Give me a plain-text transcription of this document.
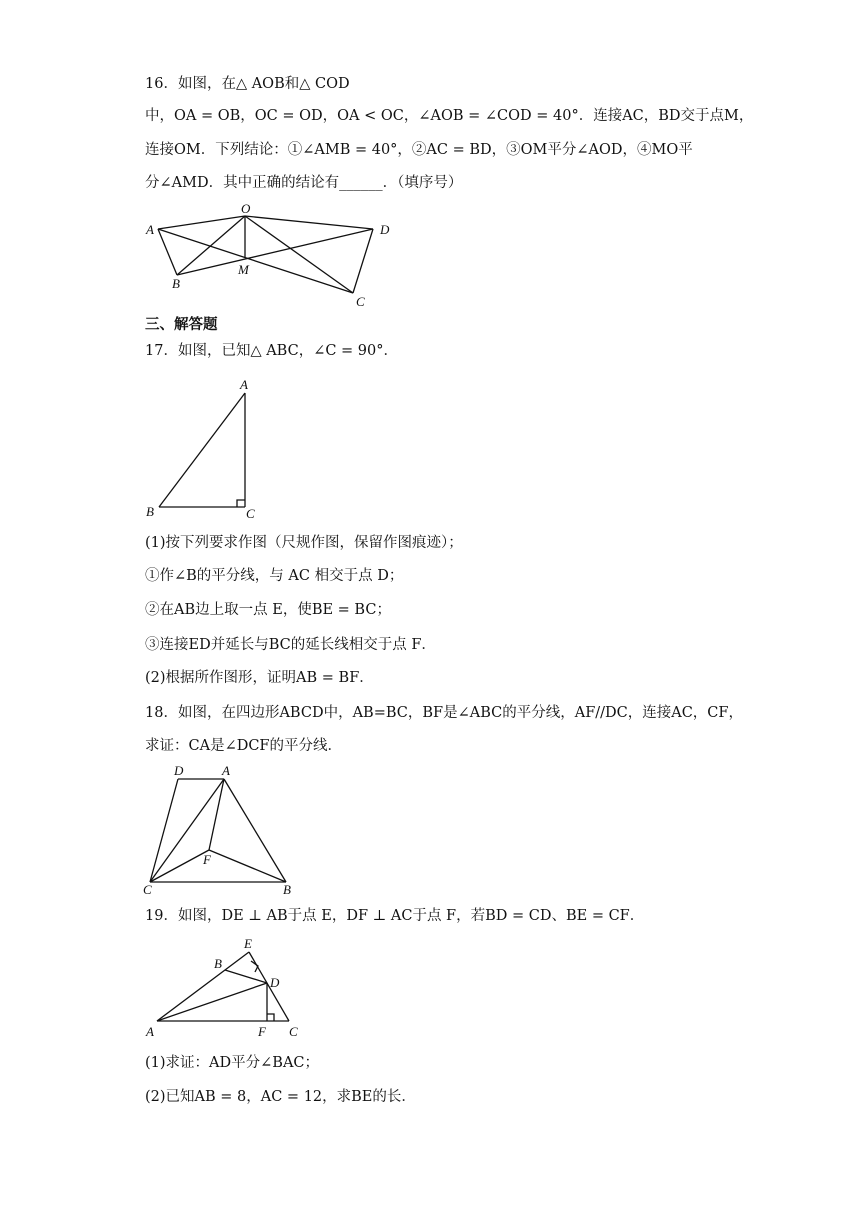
16．如图，在△ AOB和△ COD
中，OA = OB，OC = OD，OA < OC，∠AOB = ∠COD = 40°．连接AC，BD交于点M，
连接OM．下列结论：①∠AMB = 40°，②AC = BD，③OM平分∠AOD，④MO平
分∠AMD．其中正确的结论有______．（填序号）
A
O
D
B
M
C
三、解答题
17．如图，已知△ ABC，∠C = 90°．
A
B	C
(1)按下列要求作图（尺规作图，保留作图痕迹）；
①作∠B的平分线，与 AC 相交于点 D；
②在AB边上取一点 E，使BE = BC；
③连接ED并延长与BC的延长线相交于点 F．
(2)根据所作图形，证明AB = BF．
18．如图，在四边形ABCD中，AB=BC，BF是∠ABC的平分线，AF//DC，连接AC，CF，
求证：CA是∠DCF的平分线．
D	A
F
C	B
19．如图，DE ⊥ AB于点 E，DF ⊥ AC于点 F，若BD = CD、BE = CF．
E
B
D
A	F C
(1)求证：AD平分∠BAC；
(2)已知AB = 8，AC = 12，求BE的长．
